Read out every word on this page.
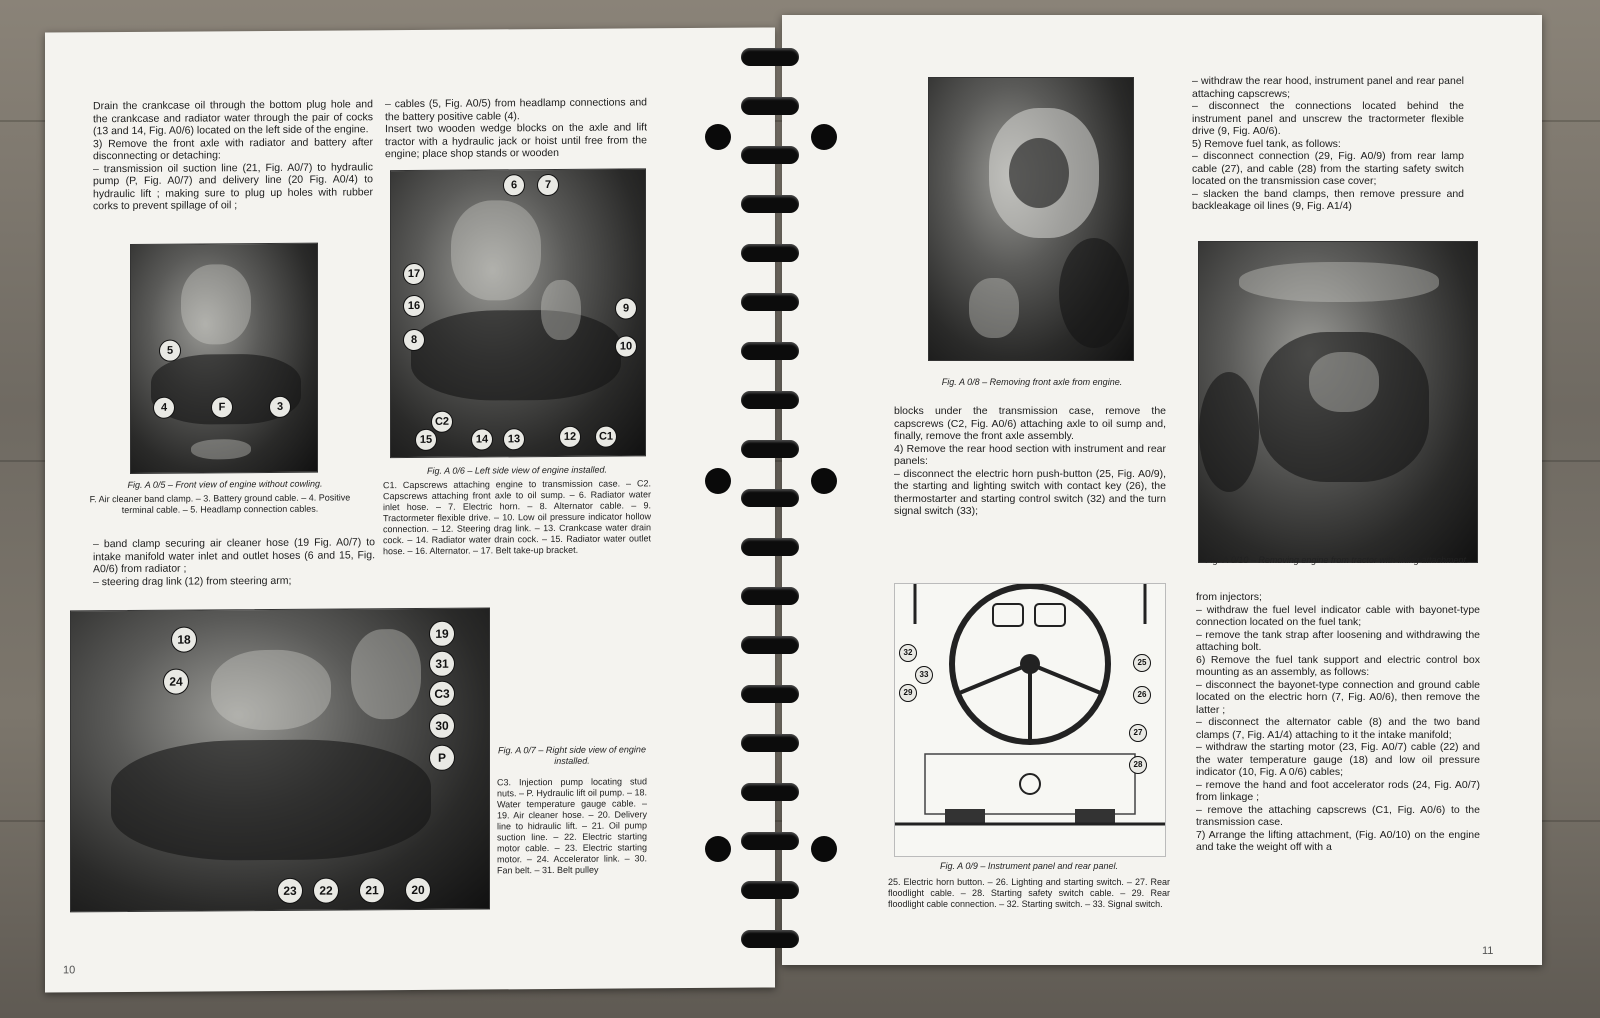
Drain the crankcase oil through the bottom plug hole and the crankcase and radiator water through the pair of cocks (13 and 14, Fig. A0/6) located on the left side of the engine.
3) Remove the front axle with radiator and battery after disconnecting or detaching:
– transmission oil suction line (21, Fig. A0/7) to hydraulic pump (P, Fig. A0/7) and delivery line (20 Fig. A0/4) to hydraulic lift ; making sure to plug up holes with rubber corks to prevent spillage of oil ;

– cables (5, Fig. A0/5) from headlamp connections and the battery positive cable (4).
Insert two wooden wedge blocks on the axle and lift tractor with a hydraulic jack or hoist until free from the engine; place shop stands or wooden

5
4	F	3
Fig. A 0/5 – Front view of engine without cowling.
F. Air cleaner band clamp. – 3. Battery ground cable. – 4. Positive terminal cable. – 5. Headlamp connection cables.
6	7
17
16	9
8
10
C2
15	14	13	12	C1
Fig. A 0/6 – Left side view of engine installed.
C1. Capscrews attaching engine to transmission case. – C2. Capscrews attaching front axle to oil sump. – 6. Radiator water inlet hose. – 7. Electric horn. – 8. Alternator cable. – 9. Tractormeter flexible drive. – 10. Low oil pressure indicator hollow connection. – 12. Steering drag link. – 13. Crankcase water drain cock. – 14. Radiator water drain cock. – 15. Radiator water outlet hose. – 16. Alternator. – 17. Belt take-up bracket.

– band clamp securing air cleaner hose (19 Fig. A0/7) to intake manifold water inlet and outlet hoses (6 and 15, Fig. A0/6) from radiator ;
– steering drag link (12) from steering arm;

18
24
19
31
C3
30
P
23	22	21	20
Fig. A 0/7 – Right side view of engine installed.
C3. Injection pump locating stud nuts. – P. Hydraulic lift oil pump. – 18. Water temperature gauge cable. – 19. Air cleaner hose. – 20. Delivery line to hidraulic lift. – 21. Oil pump suction line. – 22. Electric starting motor cable. – 23. Electric starting motor. – 24. Accelerator link. – 30. Fan belt. – 31. Belt pulley
10
Fig. A 0/8 – Removing front axle from engine.

blocks under the transmission case, remove the capscrews (C2, Fig. A0/6) attaching axle to oil sump and, finally, remove the front axle assembly.
4) Remove the rear hood section with instrument and rear panels:
– disconnect the electric horn push-button (25, Fig. A0/9), the starting and lighting switch with contact key (26), the thermostarter and starting control switch (32) and the turn signal switch (33);

32
33
25
26
29
27
28
Fig. A 0/9 – Instrument panel and rear panel.
25. Electric horn button. – 26. Lighting and starting switch. – 27. Rear floodlight cable. – 28. Starting safety switch cable. – 29. Rear floodlight cable connection. – 32. Starting switch. – 33. Signal switch.

– withdraw the rear hood, instrument panel and rear panel attaching capscrews;
– disconnect the connections located behind the instrument panel and unscrew the tractormeter flexible drive (9, Fig. A0/6).
5) Remove fuel tank, as follows:
– disconnect connection (29, Fig. A0/9) from rear lamp cable (27), and cable (28) from the starting safety switch located on the transmission case cover;
– slacken the band clamps, then remove pressure and backleakage oil lines (9, Fig. A1/4)

Fig. A 0/10 – Removing engine from tractor with lifting attachment.

from injectors;
– withdraw the fuel level indicator cable with bayonet-type connection located on the fuel tank;
– remove the tank strap after loosening and withdrawing the attaching bolt.
6) Remove the fuel tank support and electric control box mounting as an assembly, as follows:
– disconnect the bayonet-type connection and ground cable located on the electric horn (7, Fig. A0/6), then remove the latter ;
– disconnect the alternator cable (8) and the two band clamps (7, Fig. A1/4) attaching to it the intake manifold;
– withdraw the starting motor (23, Fig. A0/7) cable (22) and the water temperature gauge (18) and low oil pressure indicator (10, Fig. A 0/6) cables;
– remove the hand and foot accelerator rods (24, Fig. A0/7) from linkage ;
– remove the attaching capscrews (C1, Fig. A0/6) to the transmission case.
7) Arrange the lifting attachment, (Fig. A0/10) on the engine and take the weight off with a

11
